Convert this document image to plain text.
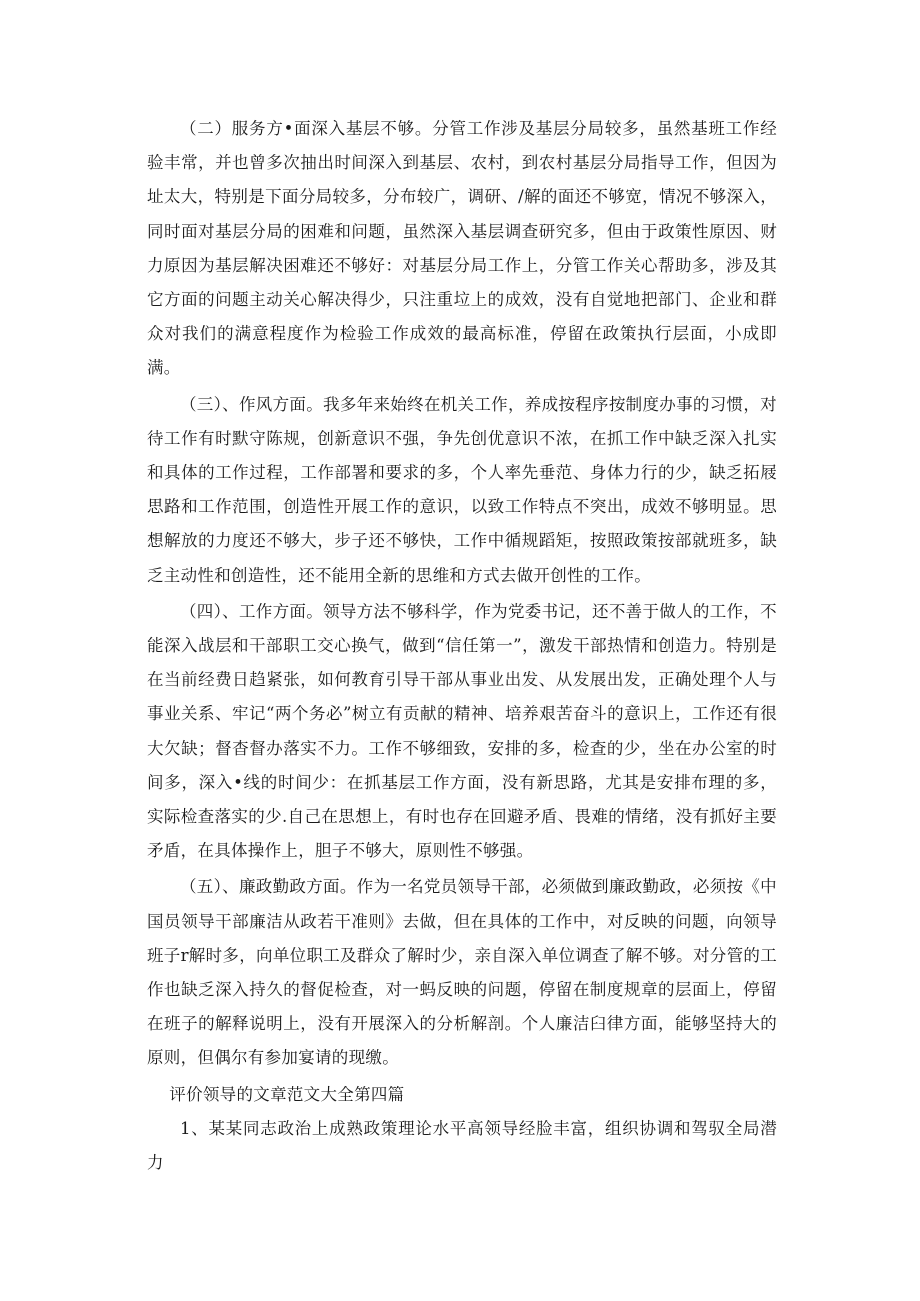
（二）服务方•面深入基层不够。分管工作涉及基层分局较多，虽然基班工作经验丰常，并也曾多次抽出时间深入到基层、农村，到农村基层分局指导工作，但因为址太大，特别是下面分局较多，分布较广，调研、/解的面还不够宽，情况不够深入，同时面对基层分局的困难和问题，虽然深入基层调查研究多，但由于政策性原因、财力原因为基层解决困难还不够好：对基层分局工作上，分管工作关心帮助多，涉及其它方面的问题主动关心解决得少，只注重垃上的成效，没有自觉地把部门、企业和群众对我们的满意程度作为检验工作成效的最高标准，停留在政策执行层面，小成即满。

（三）、作风方面。我多年来始终在机关工作，养成按程序按制度办事的习惯，对待工作有时默守陈规，创新意识不强，争先创优意识不浓，在抓工作中缺乏深入扎实和具体的工作过程，工作部署和要求的多，个人率先垂范、身体力行的少，缺乏拓屐思路和工作范围，创造性开展工作的意识，以致工作特点不突出，成效不够明显。思想解放的力度还不够大，步子还不够快，工作中循规蹈矩，按照政策按部就班多，缺乏主动性和创造性，还不能用全新的思维和方式去做开创性的工作。

（四）、工作方面。领导方法不够科学，作为党委书记，还不善于做人的工作，不能深入战层和干部职工交心换气，做到“信任第一”，激发干部热情和创造力。特别是在当前经费日趋紧张，如何教育引导干部从事业出发、从发展出发，正确处理个人与事业关系、牢记“两个务必”树立有贡献的精神、培养艰苦奋斗的意识上，工作还有很大欠缺；督杳督办落实不力。工作不够细致，安排的多，检查的少，坐在办公室的时间多，深入•线的时间少：在抓基层工作方面，没有新思路，尤其是安排布理的多，实际检查落实的少.自己在思想上，有时也存在回避矛盾、畏难的情绪，没有抓好主要矛盾，在具体操作上，胆子不够大，原则性不够强。

（五）、廉政勤政方面。作为一名党员领导干部，必须做到廉政勤政，必须按《中国员领导干部廉洁从政若干准则》去做，但在具体的工作中，对反映的问题，向领导班子r解时多，向单位职工及群众了解时少，亲自深入单位调查了解不够。对分管的工作也缺乏深入持久的督促检查，对一蚂反映的问题，停留在制度规章的层面上，停留在班子的解释说明上，没有开展深入的分析解剖。个人廉洁臼律方面，能够坚持大的原则，但偶尔有参加宴请的现缴。

评价领导的文章范文大全第四篇

1、某某同志政治上成熟政策理论水平高领导经脸丰富，组织协调和驾驭全局潜力
